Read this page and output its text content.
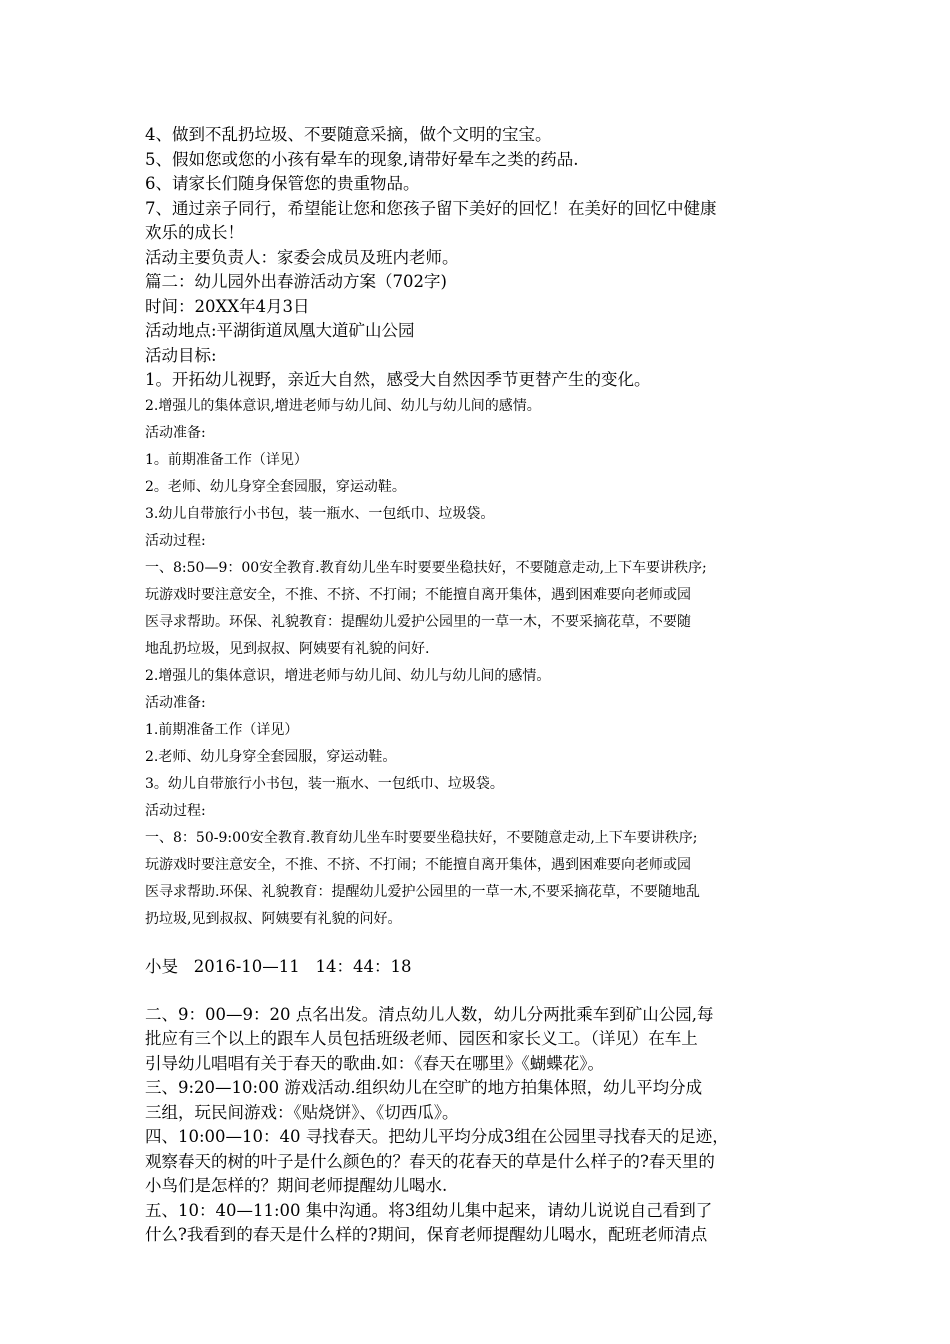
4、做到不乱扔垃圾、不要随意采摘，做个文明的宝宝。
5、假如您或您的小孩有晕车的现象,请带好晕车之类的药品.
6、请家长们随身保管您的贵重物品。
7、通过亲子同行，希望能让您和您孩子留下美好的回忆！在美好的回忆中健康
欢乐的成长！
活动主要负责人：家委会成员及班内老师。
篇二：幼儿园外出春游活动方案（702字)
时间：20XX年4月3日
活动地点:平湖街道凤凰大道矿山公园
活动目标:
1。开拓幼儿视野，亲近大自然，感受大自然因季节更替产生的变化。
2.增强儿的集体意识,增进老师与幼儿间、幼儿与幼儿间的感情。
活动准备:
1。前期准备工作（详见）
2。老师、幼儿身穿全套园服，穿运动鞋。
3.幼儿自带旅行小书包，装一瓶水、一包纸巾、垃圾袋。
活动过程:
一、8:50—9：00安全教育.教育幼儿坐车时要要坐稳扶好，不要随意走动,上下车要讲秩序;
玩游戏时要注意安全，不推、不挤、不打闹；不能擅自离开集体，遇到困难要向老师或园
医寻求帮助。环保、礼貌教育：提醒幼儿爱护公园里的一草一木，不要采摘花草，不要随
地乱扔垃圾，见到叔叔、阿姨要有礼貌的问好.
2.增强儿的集体意识，增进老师与幼儿间、幼儿与幼儿间的感情。
活动准备:
1.前期准备工作（详见）
2.老师、幼儿身穿全套园服，穿运动鞋。
3。幼儿自带旅行小书包，装一瓶水、一包纸巾、垃圾袋。
活动过程:
一、8：50-9:00安全教育.教育幼儿坐车时要要坐稳扶好，不要随意走动,上下车要讲秩序;
玩游戏时要注意安全，不推、不挤、不打闹；不能擅自离开集体，遇到困难要向老师或园
医寻求帮助.环保、礼貌教育：提醒幼儿爱护公园里的一草一木,不要采摘花草，不要随地乱
扔垃圾,见到叔叔、阿姨要有礼貌的问好。
小旻   2016-10—11   14：44：18
二、9：00—9：20 点名出发。清点幼儿人数，幼儿分两批乘车到矿山公园,每
批应有三个以上的跟车人员包括班级老师、园医和家长义工。（详见）在车上
引导幼儿唱唱有关于春天的歌曲.如：《春天在哪里》《蝴蝶花》。
三、9:20—10:00 游戏活动.组织幼儿在空旷的地方拍集体照，幼儿平均分成
三组，玩民间游戏：《贴烧饼》、《切西瓜》。
四、10:00—10：40 寻找春天。把幼儿平均分成3组在公园里寻找春天的足迹，
观察春天的树的叶子是什么颜色的？春天的花春天的草是什么样子的?春天里的
小鸟们是怎样的？期间老师提醒幼儿喝水.
五、10：40—11:00 集中沟通。将3组幼儿集中起来，请幼儿说说自己看到了
什么?我看到的春天是什么样的?期间，保育老师提醒幼儿喝水，配班老师清点
